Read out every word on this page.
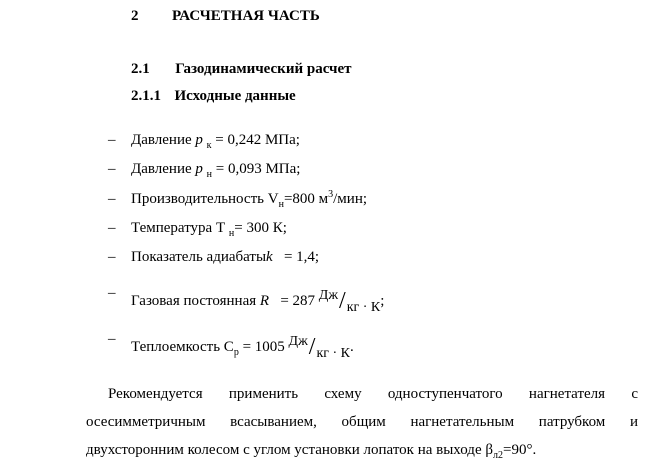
2 РАСЧЕТНАЯ ЧАСТЬ
2.1 Газодинамический расчет
2.1.1 Исходные данные
– Давление p $_к$ = 0,242 МПа;
– Давление p $_н$ = 0,093 МПа;
– Производительность $V_н=800$ $м^3$/мин;
– Температура Т $_н$= 300 К;
– Показатель адиабатыk   = 1,4;
– Газовая постоянная R   = 287 Дж/кг · К;
– Теплоемкость $С_p = 1005$ Дж/кг · К.
Рекомендуется применить схему одноступенчатого нагнетателя с
осесимметричным всасыванием, общим нагнетательным патрубком и
двухсторонним колесом с углом установки лопаток на выходе $\beta_{л2}=90^\circ$.
